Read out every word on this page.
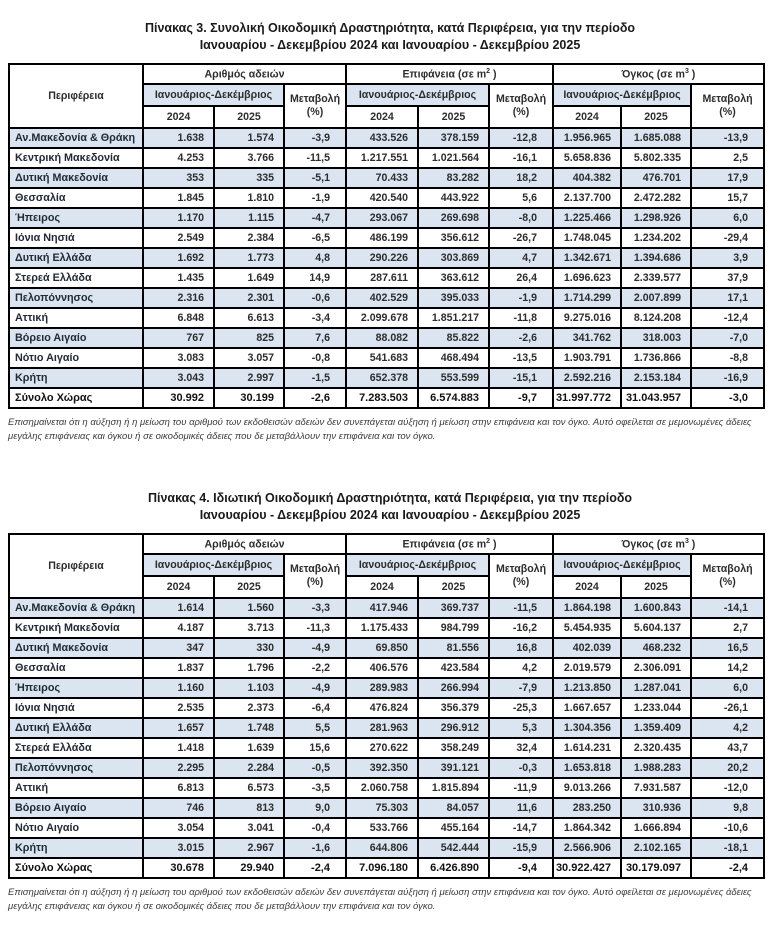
Πίνακας 3. Συνολική Οικοδομική Δραστηριότητα, κατά Περιφέρεια, για την περίοδο
Ιανουαρίου - Δεκεμβρίου 2024 και Ιανουαρίου - Δεκεμβρίου 2025
Περιφέρεια	Αριθμός αδειών			Επιφάνεια (σε $m^2$ )			Όγκος (σε $m^3$ )		
Ιανουάριος-Δεκέμβριος	Μεταβολή
(%)
	Ιανουάριος-Δεκέμβριος	Μεταβολή
(%)
	Ιανουάριος-Δεκέμβριος	Μεταβολή
(%)

	2024	2025		2024	2025		2024	2025	
Αν.Μακεδονία & Θράκη	1.638	1.574	-3,9	433.526	378.159	-12,8	1.956.965	1.685.088	-13,9
Κεντρική Μακεδονία	4.253	3.766	-11,5	1.217.551	1.021.564	-16,1	5.658.836	5.802.335	2,5
Δυτική Μακεδονία	353	335	-5,1	70.433	83.282	18,2	404.382	476.701	17,9
Θεσσαλία	1.845	1.810	-1,9	420.540	443.922	5,6	2.137.700	2.472.282	15,7
Ήπειρος	1.170	1.115	-4,7	293.067	269.698	-8,0	1.225.466	1.298.926	6,0
Ιόνια Νησιά	2.549	2.384	-6,5	486.199	356.612	-26,7	1.748.045	1.234.202	-29,4
Δυτική Ελλάδα	1.692	1.773	4,8	290.226	303.869	4,7	1.342.671	1.394.686	3,9
Στερεά Ελλάδα	1.435	1.649	14,9	287.611	363.612	26,4	1.696.623	2.339.577	37,9
Πελοπόννησος	2.316	2.301	-0,6	402.529	395.033	-1,9	1.714.299	2.007.899	17,1
Αττική	6.848	6.613	-3,4	2.099.678	1.851.217	-11,8	9.275.016	8.124.208	-12,4
Βόρειο Αιγαίο	767	825	7,6	88.082	85.822	-2,6	341.762	318.003	-7,0
Νότιο Αιγαίο	3.083	3.057	-0,8	541.683	468.494	-13,5	1.903.791	1.736.866	-8,8
Κρήτη	3.043	2.997	-1,5	652.378	553.599	-15,1	2.592.216	2.153.184	-16,9
Σύνολο Χώρας	30.992	30.199	-2,6	7.283.503	6.574.883	-9,7	31.997.772	31.043.957	-3,0

Επισημαίνεται ότι η αύξηση ή η μείωση του αριθμού των εκδοθεισών αδειών δεν συνεπάγεται αύξηση ή μείωση στην επιφάνεια και τον όγκο. Αυτό οφείλεται σε μεμονωμένες άδειες μεγάλης επιφάνειας και όγκου ή σε οικοδομικές άδειες που δε μεταβάλλουν την επιφάνεια και τον όγκο.

Πίνακας 4. Ιδιωτική Οικοδομική Δραστηριότητα, κατά Περιφέρεια, για την περίοδο
Ιανουαρίου - Δεκεμβρίου 2024 και Ιανουαρίου - Δεκεμβρίου 2025
Περιφέρεια	Αριθμός αδειών			Επιφάνεια (σε $m^2$ )			Όγκος (σε $m^3$ )		
Ιανουάριος-Δεκέμβριος	Μεταβολή
(%)
	Ιανουάριος-Δεκέμβριος	Μεταβολή
(%)
	Ιανουάριος-Δεκέμβριος	Μεταβολή
(%)

	2024	2025		2024	2025		2024	2025	
Αν.Μακεδονία & Θράκη	1.614	1.560	-3,3	417.946	369.737	-11,5	1.864.198	1.600.843	-14,1
Κεντρική Μακεδονία	4.187	3.713	-11,3	1.175.433	984.799	-16,2	5.454.935	5.604.137	2,7
Δυτική Μακεδονία	347	330	-4,9	69.850	81.556	16,8	402.039	468.232	16,5
Θεσσαλία	1.837	1.796	-2,2	406.576	423.584	4,2	2.019.579	2.306.091	14,2
Ήπειρος	1.160	1.103	-4,9	289.983	266.994	-7,9	1.213.850	1.287.041	6,0
Ιόνια Νησιά	2.535	2.373	-6,4	476.824	356.379	-25,3	1.667.657	1.233.044	-26,1
Δυτική Ελλάδα	1.657	1.748	5,5	281.963	296.912	5,3	1.304.356	1.359.409	4,2
Στερεά Ελλάδα	1.418	1.639	15,6	270.622	358.249	32,4	1.614.231	2.320.435	43,7
Πελοπόννησος	2.295	2.284	-0,5	392.350	391.121	-0,3	1.653.818	1.988.283	20,2
Αττική	6.813	6.573	-3,5	2.060.758	1.815.894	-11,9	9.013.266	7.931.587	-12,0
Βόρειο Αιγαίο	746	813	9,0	75.303	84.057	11,6	283.250	310.936	9,8
Νότιο Αιγαίο	3.054	3.041	-0,4	533.766	455.164	-14,7	1.864.342	1.666.894	-10,6
Κρήτη	3.015	2.967	-1,6	644.806	542.444	-15,9	2.566.906	2.102.165	-18,1
Σύνολο Χώρας	30.678	29.940	-2,4	7.096.180	6.426.890	-9,4	30.922.427	30.179.097	-2,4

Επισημαίνεται ότι η αύξηση ή η μείωση του αριθμού των εκδοθεισών αδειών δεν συνεπάγεται αύξηση ή μείωση στην επιφάνεια και τον όγκο. Αυτό οφείλεται σε μεμονωμένες άδειες μεγάλης επιφάνειας και όγκου ή σε οικοδομικές άδειες που δε μεταβάλλουν την επιφάνεια και τον όγκο.
